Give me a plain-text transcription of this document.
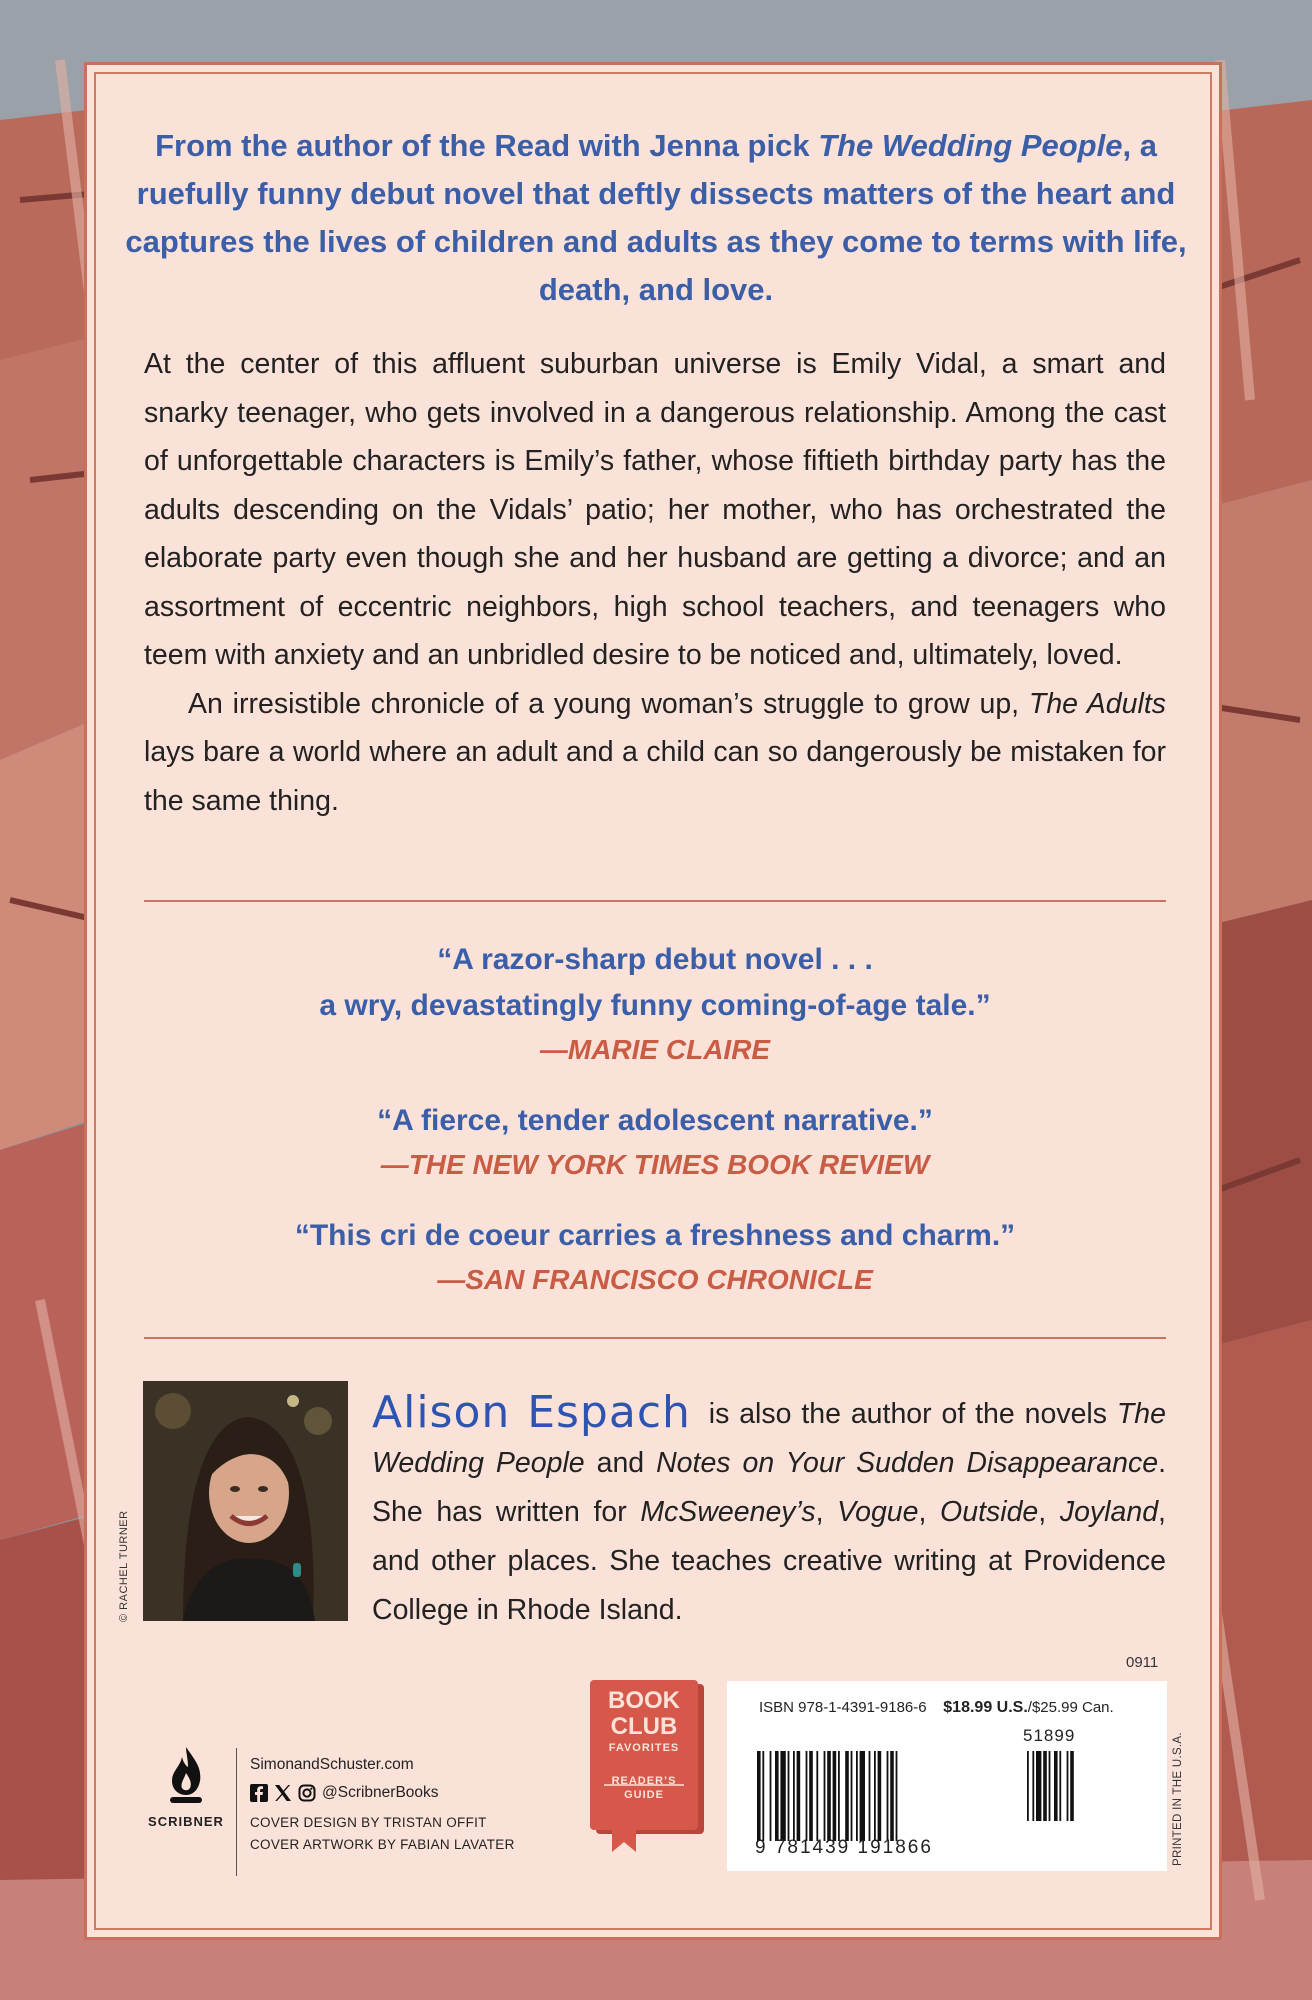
From the author of the Read with Jenna pick The Wedding People, a ruefully funny debut novel that deftly dissects matters of the heart and captures the lives of children and adults as they come to terms with life, death, and love.

At the center of this affluent suburban universe is Emily Vidal, a smart and snarky teenager, who gets involved in a dangerous relationship. Among the cast of unforgettable characters is Emily’s father, whose fiftieth birthday party has the adults descending on the Vidals’ patio; her mother, who has orchestrated the elaborate party even though she and her husband are getting a divorce; and an assortment of eccentric neighbors, high school teachers, and teenagers who teem with anxiety and an unbridled desire to be noticed and, ultimately, loved.

An irresistible chronicle of a young woman’s struggle to grow up, The Adults lays bare a world where an adult and a child can so dangerously be mistaken for the same thing.

“A razor-sharp debut novel . . .
a wry, devastatingly funny coming-of-age tale.”
—MARIE CLAIRE
“A fierce, tender adolescent narrative.”
—THE NEW YORK TIMES BOOK REVIEW
“This cri de coeur carries a freshness and charm.”
—SAN FRANCISCO CHRONICLE
© RACHEL TURNER
Alison Espach is also the author of the novels The Wedding People and Notes on Your Sudden Disappearance. She has written for McSweeney’s, Vogue, Outside, Joyland, and other places. She teaches creative writing at Providence College in Rhode Island.
0911
BOOK
CLUB
FAVORITES
READER’S
GUIDE
ISBN 978-1-4391-9186-6 $18.99 U.S./$25.99 Can.
51899
9 781439 191866	PRINTED IN THE U.S.A.
SCRIBNER
SimonandSchuster.com
@ScribnerBooks
COVER DESIGN BY TRISTAN OFFIT
COVER ARTWORK BY FABIAN LAVATER
